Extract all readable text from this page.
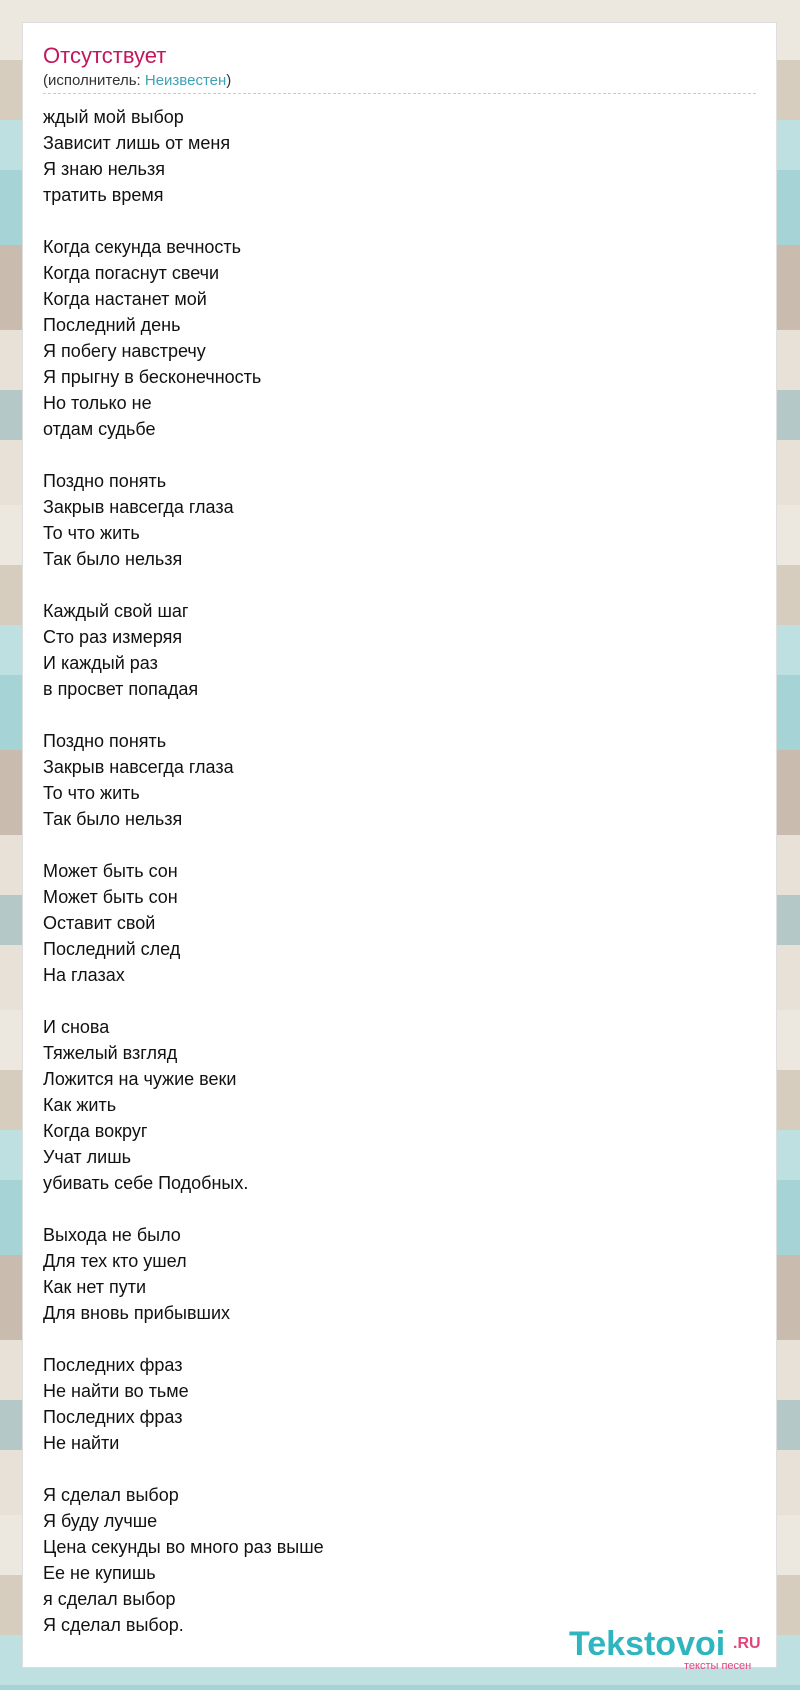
Отсутствует
(исполнитель: Неизвестен)
ждый мой выбор
Зависит лишь от меня
Я знаю нельзя
тратить время
Когда секунда вечность
Когда погаснут свечи
Когда настанет мой
Последний день
Я побегу навстречу
Я прыгну в бесконечность
Но только не
отдам судьбе
Поздно понять
Закрыв навсегда глаза
То что жить
Так было нельзя
Каждый свой шаг
Сто раз измеряя
И каждый раз
в просвет попадая
Поздно понять
Закрыв навсегда глаза
То что жить
Так было нельзя
Может быть сон
Может быть сон
Оставит свой
Последний след
На глазах
И снова
Тяжелый взгляд
Ложится на чужие веки
Как жить
Когда вокруг
Учат лишь
убивать себе Подобных.
Выхода не было
Для тех кто ушел
Как нет пути
Для вновь прибывших
Последних фраз
Не найти во тьме
Последних фраз
Не найти
Я сделал выбор
Я буду лучше
Цена секунды во много раз выше
Ее не купишь
я сделал выбор
Я сделал выбор.	Tekstovoi .RU
тексты песен
